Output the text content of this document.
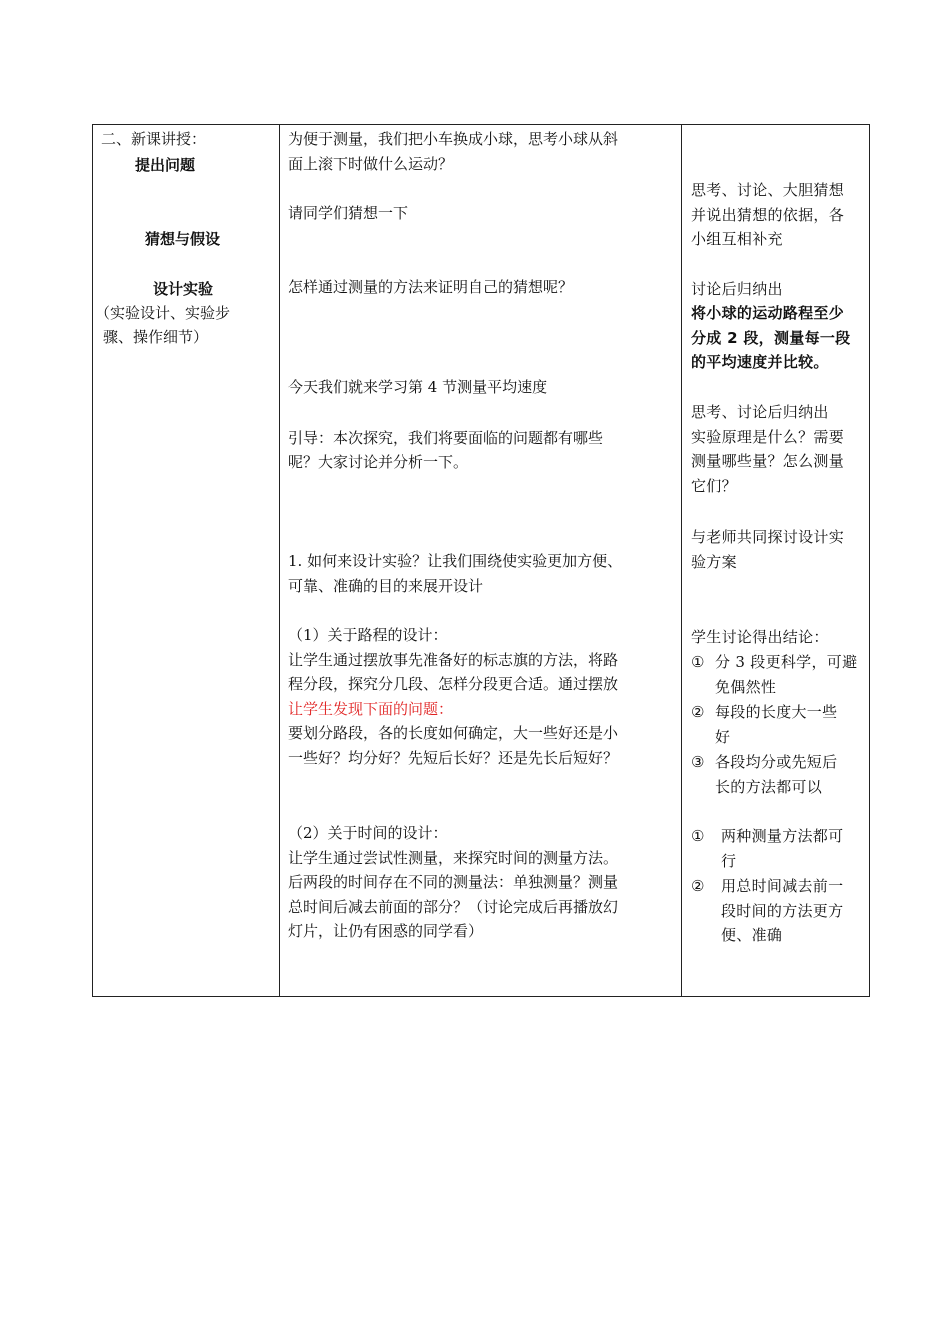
二、新课讲授：
提出问题
猜想与假设
设计实验
（实验设计、实验步
骤、操作细节）
为便于测量，我们把小车换成小球，思考小球从斜
面上滚下时做什么运动？
请同学们猜想一下
怎样通过测量的方法来证明自己的猜想呢？
今天我们就来学习第 4 节测量平均速度
引导：本次探究，我们将要面临的问题都有哪些
呢？大家讨论并分析一下。
1. 如何来设计实验？让我们围绕使实验更加方便、
可靠、准确的目的来展开设计
（1）关于路程的设计：
让学生通过摆放事先准备好的标志旗的方法，将路
程分段，探究分几段、怎样分段更合适。通过摆放
让学生发现下面的问题：
要划分路段，各的长度如何确定，大一些好还是小
一些好？均分好？先短后长好？还是先长后短好？
（2）关于时间的设计：
让学生通过尝试性测量，来探究时间的测量方法。
后两段的时间存在不同的测量法：单独测量？测量
总时间后减去前面的部分？（讨论完成后再播放幻
灯片，让仍有困惑的同学看）
思考、讨论、大胆猜想
并说出猜想的依据，各
小组互相补充
讨论后归纳出
将小球的运动路程至少
分成 2 段，测量每一段
的平均速度并比较。
思考、讨论后归纳出
实验原理是什么？需要
测量哪些量？怎么测量
它们？
与老师共同探讨设计实
验方案
学生讨论得出结论：
① 分 3 段更科学，可避
免偶然性
② 每段的长度大一些
好
③ 各段均分或先短后
长的方法都可以
① 两种测量方法都可
行
② 用总时间减去前一
段时间的方法更方
便、准确
